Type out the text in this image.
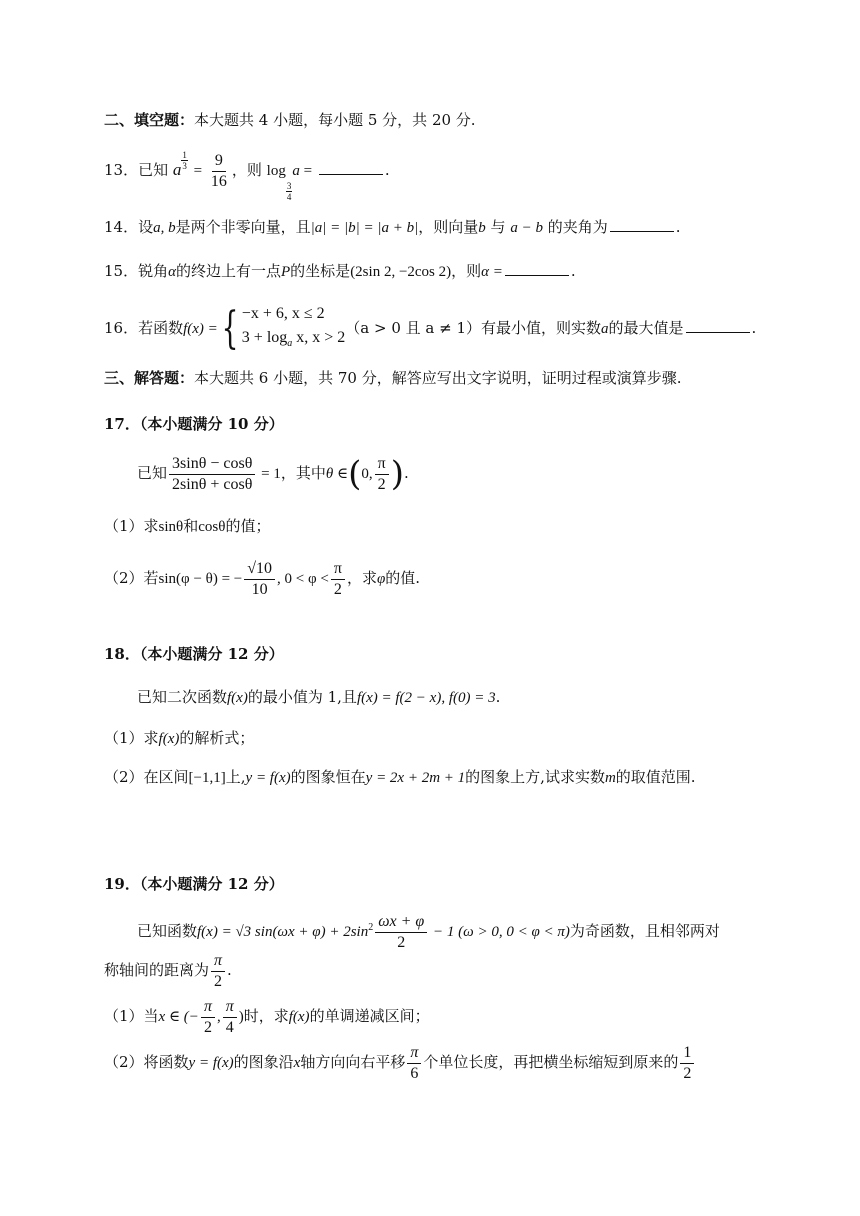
二、填空题：本大题共 4 小题，每小题 5 分，共 20 分.
13．已知 a $\frac{1}{3} = \frac{9}{16}$ ，则 log
$\frac{3}{4}$
a =	.
14．设a, b是两个非零向量，且|a| = |b| = |a + b|，则向量b 与 a − b 的夹角为	.
15．锐角α的终边上有一点P的坐标是(2sin 2, −2cos 2)，则α =	.
16．若函数f(x) ={ −x + 6, x ≤ 2
$3 + \log_a x$, x > 2
（a > 0 且 a ≠ 1）有最小值，则实数a的最大值是	.
三、解答题：本大题共 6 小题，共 70 分，解答应写出文字说明，证明过程或演算步骤.
17．（本小题满分 10 分）
已知 $\frac{3\sin\theta - \cos\theta}{2\sin\theta + \cos\theta} = 1$，其中θ ∈(0, $\frac{\pi}{2}$ ).
（1）求sinθ和cosθ的值；
（2）若sin(φ − θ) = − $\frac{√10}{10}$ , $0 < \varphi < \frac{\pi}{2}$ ，求φ的值.
18．（本小题满分 12 分）
已知二次函数f(x)的最小值为 1,且f(x) = f(2 − x), f(0) = 3.
（1）求f(x)的解析式；
（2）在区间[−1,1]上,y = f(x)的图象恒在y = 2x + 2m + 1的图象上方,试求实数m的取值范围.
19．（本小题满分 12 分）
已知函数f(x) = √3 $\sin(\omega x + \varphi) + 2\sin^2 \frac{\omega x + \varphi}{2} - 1$ (ω > 0, 0 < φ < π)为奇函数，且相邻两对
称轴间的距离为 $\frac{\pi}{2}$ .
（1）当x ∈ (− $\frac{\pi}{2}$ , $\frac{\pi}{4}$ )时，求f(x)的单调递减区间；
（2）将函数y = f(x)的图象沿x轴方向向右平移 $\frac{\pi}{6}$ 个单位长度，再把横坐标缩短到原来的 $\frac{1}{2}$
